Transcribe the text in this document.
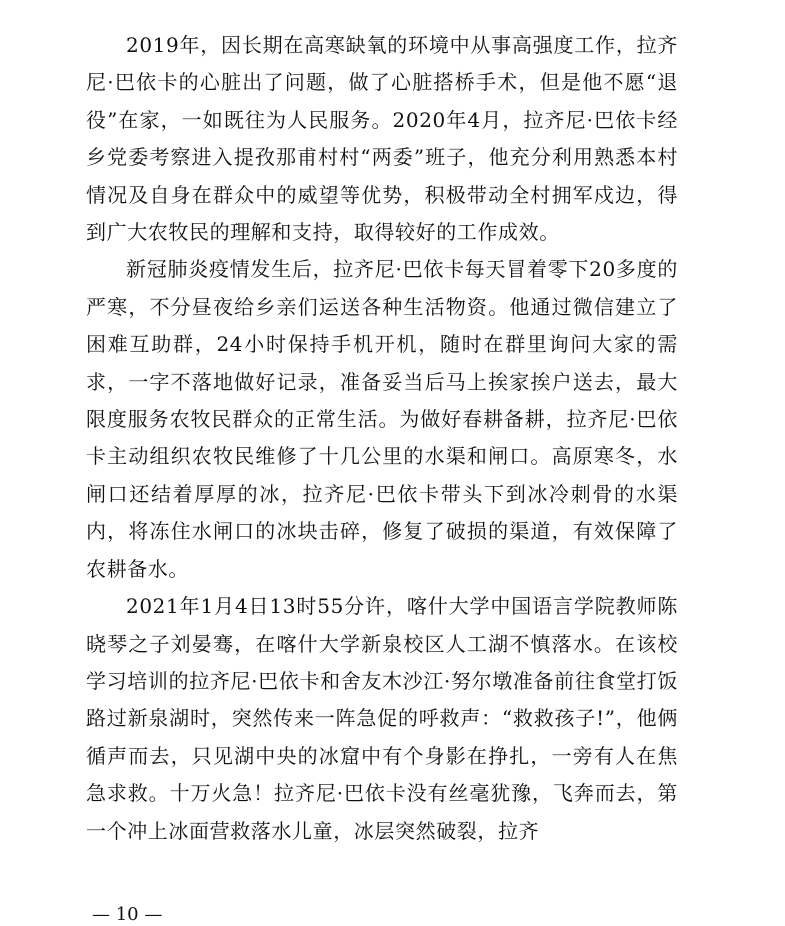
2019年，因长期在高寒缺氧的环境中从事高强度工作，拉齐尼·巴依卡的心脏出了问题，做了心脏搭桥手术，但是他不愿“退役”在家，一如既往为人民服务。2020年4月，拉齐尼·巴依卡经乡党委考察进入提孜那甫村村“两委”班子，他充分利用熟悉本村情况及自身在群众中的威望等优势，积极带动全村拥军戍边，得到广大农牧民的理解和支持，取得较好的工作成效。

新冠肺炎疫情发生后，拉齐尼·巴依卡每天冒着零下20多度的严寒，不分昼夜给乡亲们运送各种生活物资。他通过微信建立了困难互助群，24小时保持手机开机，随时在群里询问大家的需求，一字不落地做好记录，准备妥当后马上挨家挨户送去，最大限度服务农牧民群众的正常生活。为做好春耕备耕，拉齐尼·巴依卡主动组织农牧民维修了十几公里的水渠和闸口。高原寒冬，水闸口还结着厚厚的冰，拉齐尼·巴依卡带头下到冰冷刺骨的水渠内，将冻住水闸口的冰块击碎，修复了破损的渠道，有效保障了农耕备水。

2021年1月4日13时55分许，喀什大学中国语言学院教师陈晓琴之子刘晏骞，在喀什大学新泉校区人工湖不慎落水。在该校学习培训的拉齐尼·巴依卡和舍友木沙江·努尔墩准备前往食堂打饭路过新泉湖时，突然传来一阵急促的呼救声：“救救孩子!”，他俩循声而去，只见湖中央的冰窟中有个身影在挣扎，一旁有人在焦急求救。十万火急！拉齐尼·巴依卡没有丝毫犹豫，飞奔而去，第一个冲上冰面营救落水儿童，冰层突然破裂，拉齐

— 10 —
